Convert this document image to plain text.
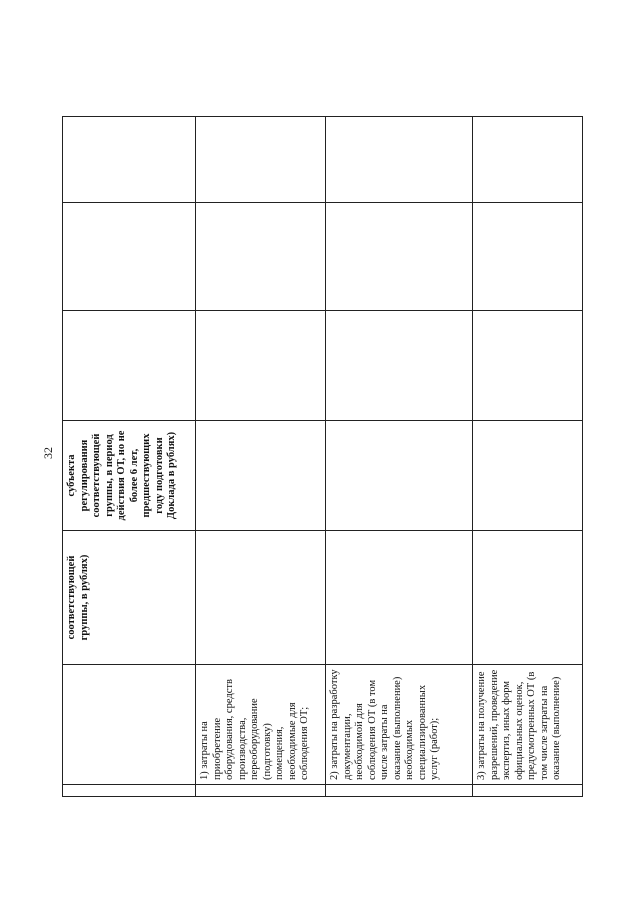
32
		соответствующей группы, в рублях)	субъекта регулирования соответствующей группы, в период действия ОТ, но не более 6 лет, предшествующих году подготовки Доклада в рублях)			
	1) затраты на приобретение оборудования, средств производства, переоборудование (подготовку) помещения, необходимые для соблюдения ОТ;					
	2) затраты на разработку документации, необходимой для соблюдения ОТ (в том числе затраты на оказание (выполнение) необходимых специализированных услуг (работ);					
	3) затраты на получение разрешений, проведение экспертиз, иных форм официальных оценок, предусмотренных ОТ (в том числе затраты на оказание (выполнение)					
